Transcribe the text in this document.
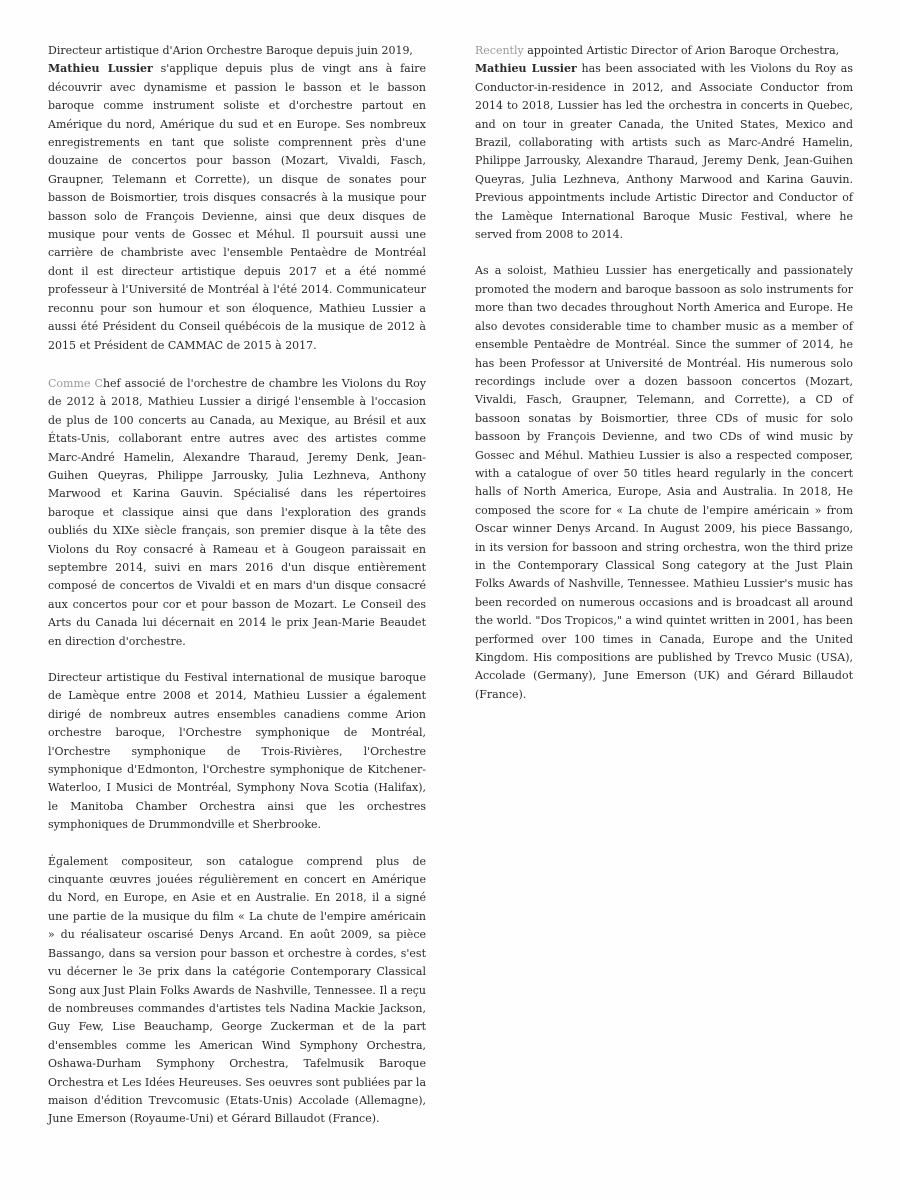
Directeur artistique d'Arion Orchestre Baroque depuis juin 2019,
Mathieu Lussier s'applique depuis plus de vingt ans à faire découvrir avec dynamisme et passion le basson et le basson baroque comme instrument soliste et d'orchestre partout en Amérique du nord, Amérique du sud et en Europe. Ses nombreux enregistrements en tant que soliste comprennent près d'une douzaine de concertos pour basson (Mozart, Vivaldi, Fasch, Graupner, Telemann et Corrette), un disque de sonates pour basson de Boismortier, trois disques consacrés à la musique pour basson solo de François Devienne, ainsi que deux disques de musique pour vents de Gossec et Méhul. Il poursuit aussi une carrière de chambriste avec l'ensemble Pentaèdre de Montréal dont il est directeur artistique depuis 2017 et a été nommé professeur à l'Université de Montréal à l'été 2014. Communicateur reconnu pour son humour et son éloquence, Mathieu Lussier a aussi été Président du Conseil québécois de la musique de 2012 à 2015 et Président de CAMMAC de 2015 à 2017.

Comme Chef associé de l'orchestre de chambre les Violons du Roy de 2012 à 2018, Mathieu Lussier a dirigé l'ensemble à l'occasion de plus de 100 concerts au Canada, au Mexique, au Brésil et aux États-Unis, collaborant entre autres avec des artistes comme Marc-André Hamelin, Alexandre Tharaud, Jeremy Denk, Jean-Guihen Queyras, Philippe Jarrousky, Julia Lezhneva, Anthony Marwood et Karina Gauvin. Spécialisé dans les répertoires baroque et classique ainsi que dans l'exploration des grands oubliés du XIXe siècle français, son premier disque à la tête des Violons du Roy consacré à Rameau et à Gougeon paraissait en septembre 2014, suivi en mars 2016 d'un disque entièrement composé de concertos de Vivaldi et en mars d'un disque consacré aux concertos pour cor et pour basson de Mozart. Le Conseil des Arts du Canada lui décernait en 2014 le prix Jean-Marie Beaudet en direction d'orchestre.

Directeur artistique du Festival international de musique baroque de Lamèque entre 2008 et 2014, Mathieu Lussier a également dirigé de nombreux autres ensembles canadiens comme Arion orchestre baroque, l'Orchestre symphonique de Montréal, l'Orchestre symphonique de Trois-Rivières, l'Orchestre symphonique d'Edmonton, l'Orchestre symphonique de Kitchener-Waterloo, I Musici de Montréal, Symphony Nova Scotia (Halifax), le Manitoba Chamber Orchestra ainsi que les orchestres symphoniques de Drummondville et Sherbrooke.

Également compositeur, son catalogue comprend plus de cinquante œuvres jouées régulièrement en concert en Amérique du Nord, en Europe, en Asie et en Australie. En 2018, il a signé une partie de la musique du film « La chute de l'empire américain » du réalisateur oscarisé Denys Arcand. En août 2009, sa pièce Bassango, dans sa version pour basson et orchestre à cordes, s'est vu décerner le 3e prix dans la catégorie Contemporary Classical Song aux Just Plain Folks Awards de Nashville, Tennessee. Il a reçu de nombreuses commandes d'artistes tels Nadina Mackie Jackson, Guy Few, Lise Beauchamp, George Zuckerman et de la part d'ensembles comme les American Wind Symphony Orchestra, Oshawa-Durham Symphony Orchestra, Tafelmusik Baroque Orchestra et Les Idées Heureuses. Ses oeuvres sont publiées par la maison d'édition Trevcomusic (Etats-Unis) Accolade (Allemagne), June Emerson (Royaume-Uni) et Gérard Billaudot (France).

Recently appointed Artistic Director of Arion Baroque Orchestra,
Mathieu Lussier has been associated with les Violons du Roy as Conductor-in-residence in 2012, and Associate Conductor from 2014 to 2018, Lussier has led the orchestra in concerts in Quebec, and on tour in greater Canada, the United States, Mexico and Brazil, collaborating with artists such as Marc-André Hamelin, Philippe Jarrousky, Alexandre Tharaud, Jeremy Denk, Jean-Guihen Queyras, Julia Lezhneva, Anthony Marwood and Karina Gauvin. Previous appointments include Artistic Director and Conductor of the Lamèque International Baroque Music Festival, where he served from 2008 to 2014.

As a soloist, Mathieu Lussier has energetically and passionately promoted the modern and baroque bassoon as solo instruments for more than two decades throughout North America and Europe. He also devotes considerable time to chamber music as a member of ensemble Pentaèdre de Montréal. Since the summer of 2014, he has been Professor at Université de Montréal. His numerous solo recordings include over a dozen bassoon concertos (Mozart, Vivaldi, Fasch, Graupner, Telemann, and Corrette), a CD of bassoon sonatas by Boismortier, three CDs of music for solo bassoon by François Devienne, and two CDs of wind music by Gossec and Méhul. Mathieu Lussier is also a respected composer, with a catalogue of over 50 titles heard regularly in the concert halls of North America, Europe, Asia and Australia. In 2018, He composed the score for « La chute de l'empire américain » from Oscar winner Denys Arcand. In August 2009, his piece Bassango, in its version for bassoon and string orchestra, won the third prize in the Contemporary Classical Song category at the Just Plain Folks Awards of Nashville, Tennessee. Mathieu Lussier's music has been recorded on numerous occasions and is broadcast all around the world. "Dos Tropicos," a wind quintet written in 2001, has been performed over 100 times in Canada, Europe and the United Kingdom. His compositions are published by Trevco Music (USA), Accolade (Germany), June Emerson (UK) and Gérard Billaudot (France).
